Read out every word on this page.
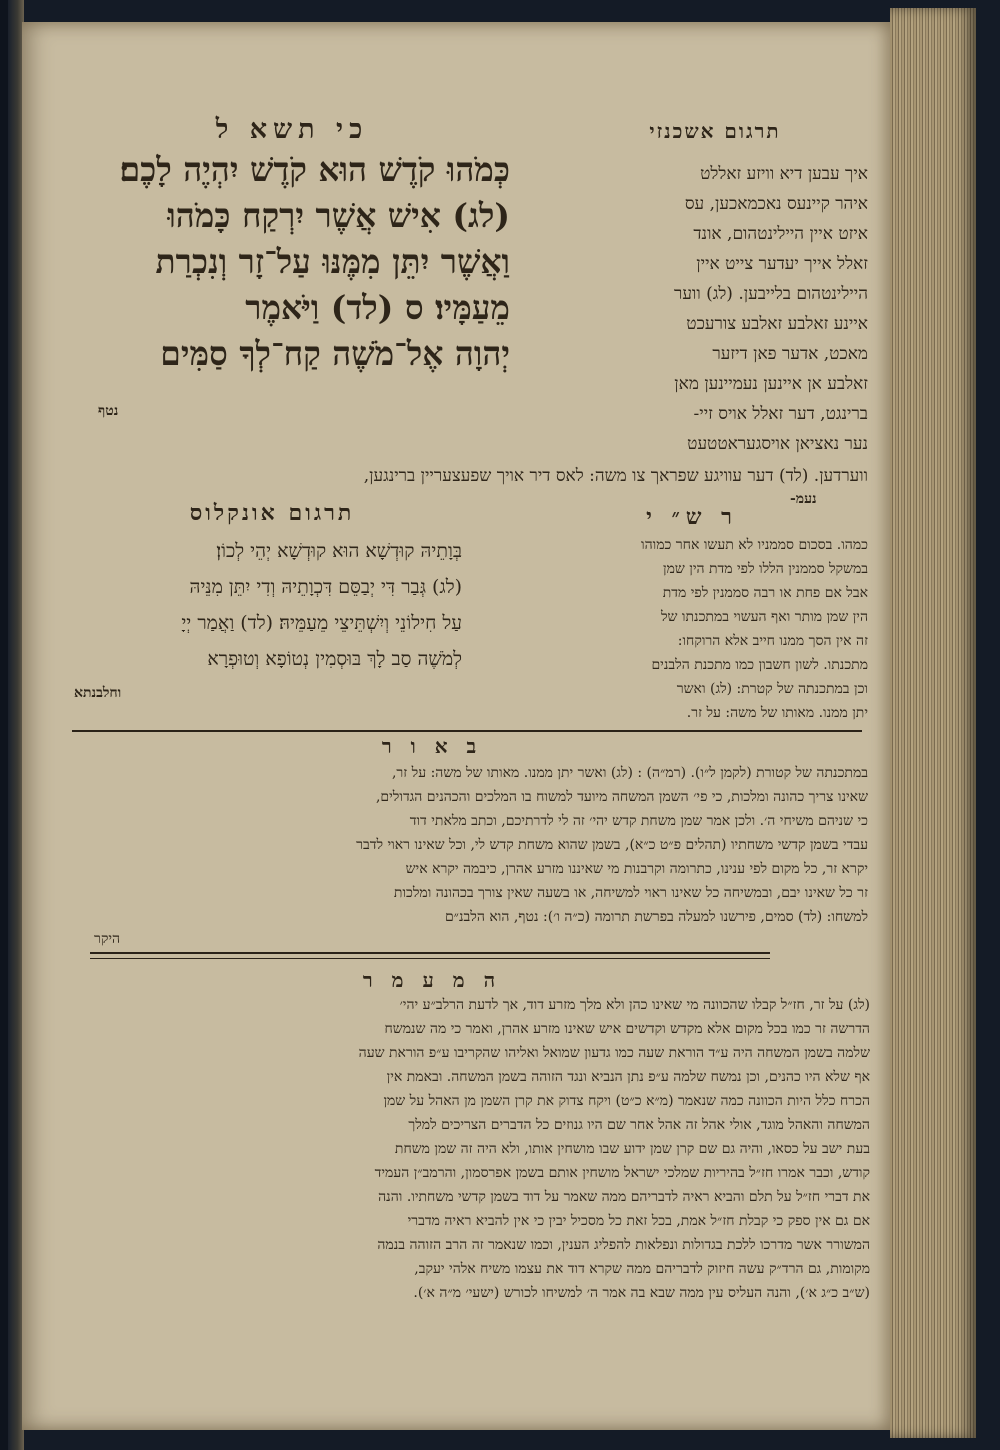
כי תשא ל	תרגום אשכנזי
כְּמֹהוּ קֹדֶשׁ הוּא קֹדֶשׁ יִהְיֶה לָכֶם׃
(לג) אִישׁ אֲשֶׁר יִרְקַח כָּמֹהוּ
וַאֲשֶׁר יִתֵּן מִמֶּנּוּ עַל־זָר וְנִכְרַת
מֵעַמָּיו׃ ס (לד) וַיֹּאמֶר
יְהוָה אֶל־מֹשֶׁה קַח־לְךָ סַמִּים
נטף
איך עבען דיא וויזע זאללט
איהר קיינעס נאכמאכען, עס
איזט איין היילינטהום, אונד
זאלל אייך יעדער צייט איין
היילינטהום בלייבען. (לג) ווער
איינע זאלבע זאלבע צורעכט
מאכט, אדער פאן דיזער
זאלבע אן איינען נעמיינען מאן
ברינגט, דער זאלל אויס זיי-
נער נאציאן אויסגעראטטעט
ווערדען. (לד) דער עוויגע שפראך צו משה: לאס דיר אויך שפעצעריין ברינגען,
נעמ-
ר ש״ י
כמהו. בסכום סממניו לא תעשו אחר כמוהו
במשקל סממנין הללו לפי מדת הין שמן
אבל אם פחת או רבה סממנין לפי מדת
הין שמן מותר ואף העשוי במתכנתו של
זה אין הסך ממנו חייב אלא הרוקחו:
מתכנתו. לשון חשבון כמו מתכנת הלבנים
וכן במתכנתה של קטרת: (לג) ואשר
יתן ממנו. מאותו של משה: על זר.
תרגום אונקלוס
בְּוָתֵיהּ קוּדְשָׁא הוּא קוּדְשָׁא יְהֵי לְכוֹן׃
(לג) גְּבַר דִּי יְבַסֵּם דִּכְוָתֵיהּ וְדִי יִתֵּן מִנֵּיהּ
עַל חִילוֹנֵי וְיִשְׁתֵּיצֵי מֵעַמֵּיהּ׃ (לד) וַאֲמַר יְיָ
לְמֹשֶׁה סַב לָךְ בּוּסְמִין נְטוֹפָא וְטוּפְרָא
וחלבנתא
ב א ו ר
במתכנתה של קטורת (לקמן ל״ו). (רמ״ה) : (לג) ואשר יתן ממנו. מאותו של משה: על זר,
שאינו צריך כהונה ומלכות, כי פי׳ השמן המשחה מיועד למשוח בו המלכים והכהנים הגדולים,
כי שניהם משיחי ה׳. ולכן אמר שמן משחת קדש יהי׳ זה לי לדרתיכם, וכתב מלאתי דוד
עבדי בשמן קדשי משחתיו (תהלים פ״ט כ״א), בשמן שהוא משחת קדש לי, וכל שאינו ראוי לדבר
יקרא זר, כל מקום לפי ענינו, כתרומה וקרבנות מי שאיננו מזרע אהרן, כיבמה יקרא איש
זר כל שאינו יבם, ובמשיחה כל שאינו ראוי למשיחה, או בשעה שאין צורך בכהונה ומלכות
למשחו: (לד) סמים, פירשנו למעלה בפרשת תרומה (כ״ה ו׳): נטף, הוא הלבנ״ם
היקר
ה מ ע מ ר
(לג) על זר, חז״ל קבלו שהכוונה מי שאינו כהן ולא מלך מזרע דוד, אך לדעת הרלב״ע יהי׳
הדרשה זר כמו בכל מקום אלא מקדש וקדשים איש שאינו מזרע אהרן, ואמר כי מה שנמשח
שלמה בשמן המשחה היה ע״ד הוראת שעה כמו גדעון שמואל ואליהו שהקריבו ע״פ הוראת שעה
אף שלא היו כהנים, וכן נמשח שלמה ע״פ נתן הנביא ונגד הזוהה בשמן המשחה. ובאמת אין
הכרח כלל היות הכוונה כמה שנאמר (מ״א כ״ט) ויקח צדוק את קרן השמן מן האהל על שמן
המשחה והאהל מוגד, אולי אהל זה אהל אחר שם היו גנוזים כל הדברים הצריכים למלך
בעת ישב על כסאו, והיה גם שם קרן שמן ידוע שבו מושחין אותו, ולא היה זה שמן משחת
קודש, וכבר אמרו חז״ל בהיריות שמלכי ישראל מושחין אותם בשמן אפרסמון, והרמב״ן העמיד
את דברי חז״ל על תלם והביא ראיה לדבריהם ממה שאמר על דוד בשמן קדשי משחתיו. והנה
אם גם אין ספק כי קבלת חז״ל אמת, בכל זאת כל מסכיל יבין כי אין להביא ראיה מדברי
המשורר אשר מדרכו ללכת בגדולות ונפלאות להפליג הענין, וכמו שנאמר זה הרב הזוהה בנמה
מקומות, גם הרד״ק עשה חיזוק לדבריהם ממה שקרא דוד את עצמו משיח אלהי יעקב,
(ש״ב כ״ג א׳), והנה העליס עין ממה שבא בה אמר ה׳ למשיחו לכורש (ישעי׳ מ״ה א׳).
